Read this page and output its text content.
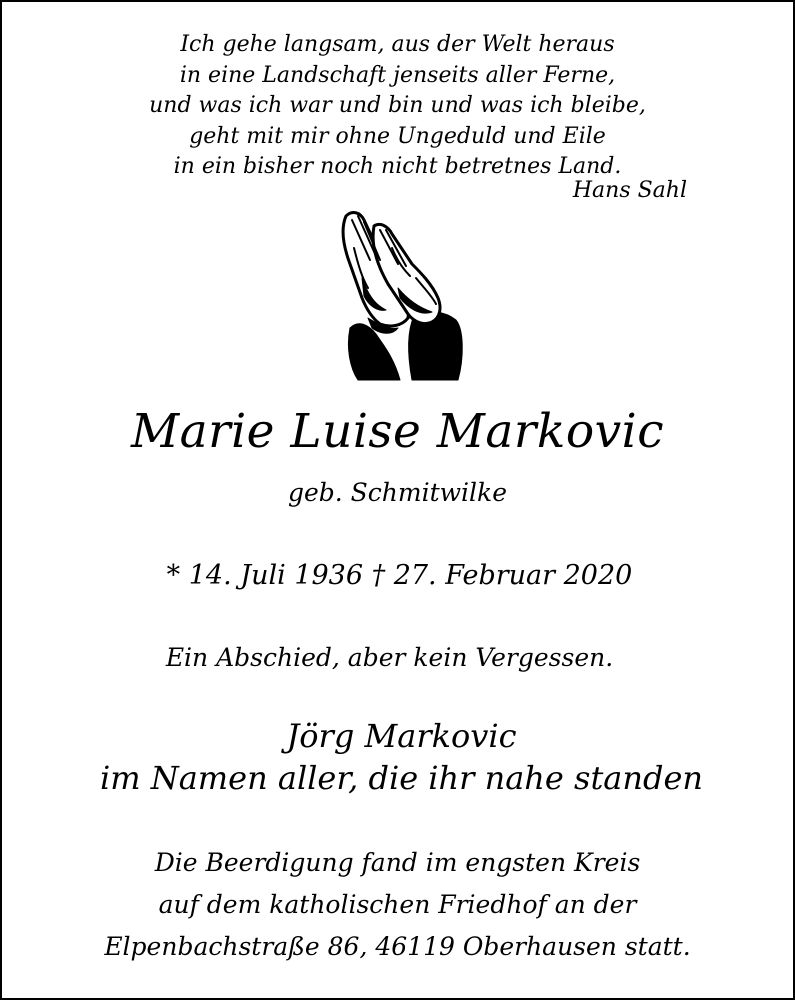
Ich gehe langsam, aus der Welt heraus
in eine Landschaft jenseits aller Ferne,
und was ich war und bin und was ich bleibe,
geht mit mir ohne Ungeduld und Eile
in ein bisher noch nicht betretnes Land.
Hans Sahl
Marie Luise Markovic
geb. Schmitwilke
* 14. Juli 1936 † 27. Februar 2020
Ein Abschied, aber kein Vergessen.
Jörg Markovic
im Namen aller, die ihr nahe standen
Die Beerdigung fand im engsten Kreis
auf dem katholischen Friedhof an der
Elpenbachstraße 86, 46119 Oberhausen statt.
